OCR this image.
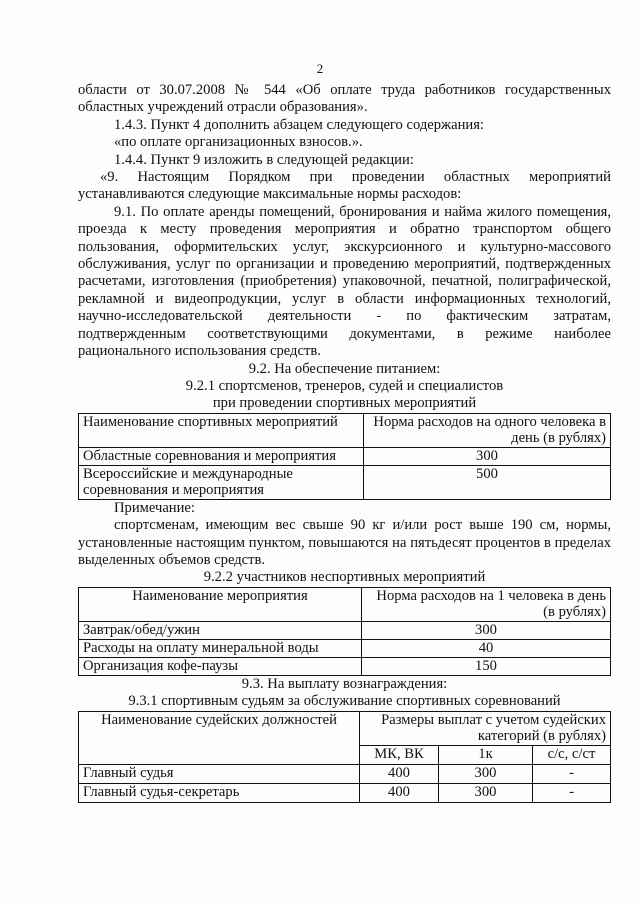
2

области от 30.07.2008 № 544 «Об оплате труда работников государственных областных учреждений отрасли образования».

1.4.3. Пункт 4 дополнить абзацем следующего содержания:

«по оплате организационных взносов.».

1.4.4. Пункт 9 изложить в следующей редакции:

«9. Настоящим Порядком при проведении областных мероприятий устанавливаются следующие максимальные нормы расходов:

9.1. По оплате аренды помещений, бронирования и найма жилого помещения, проезда к месту проведения мероприятия и обратно транспортом общего пользования, оформительских услуг, экскурсионного и культурно-массового обслуживания, услуг по организации и проведению мероприятий, подтвержденных расчетами, изготовления (приобретения) упаковочной, печатной, полиграфической, рекламной и видеопродукции, услуг в области информационных технологий, научно-исследовательской деятельности - по фактическим затратам, подтвержденным соответствующими документами, в режиме наиболее рационального использования средств.

9.2. На обеспечение питанием:

9.2.1 спортсменов, тренеров, судей и специалистов

при проведении спортивных мероприятий

Наименование спортивных мероприятий	Норма расходов на одного человека в день (в рублях)
Областные соревнования и мероприятия	300
Всероссийские и международные соревнования и мероприятия	500

Примечание:

спортсменам, имеющим вес свыше 90 кг и/или рост выше 190 см, нормы, установленные настоящим пунктом, повышаются на пятьдесят процентов в пределах выделенных объемов средств.

9.2.2 участников неспортивных мероприятий

Наименование мероприятия	Норма расходов на 1 человека в день (в рублях)
Завтрак/обед/ужин	300
Расходы на оплату минеральной воды	40
Организация кофе-паузы	150

9.3. На выплату вознаграждения:

9.3.1 спортивным судьям за обслуживание спортивных соревнований

Наименование судейских должностей	Размеры выплат с учетом судейских категорий (в рублях)		
	МК, ВК	1к	с/с, с/ст
Главный судья	400	300	-
Главный судья-секретарь	400	300	-
